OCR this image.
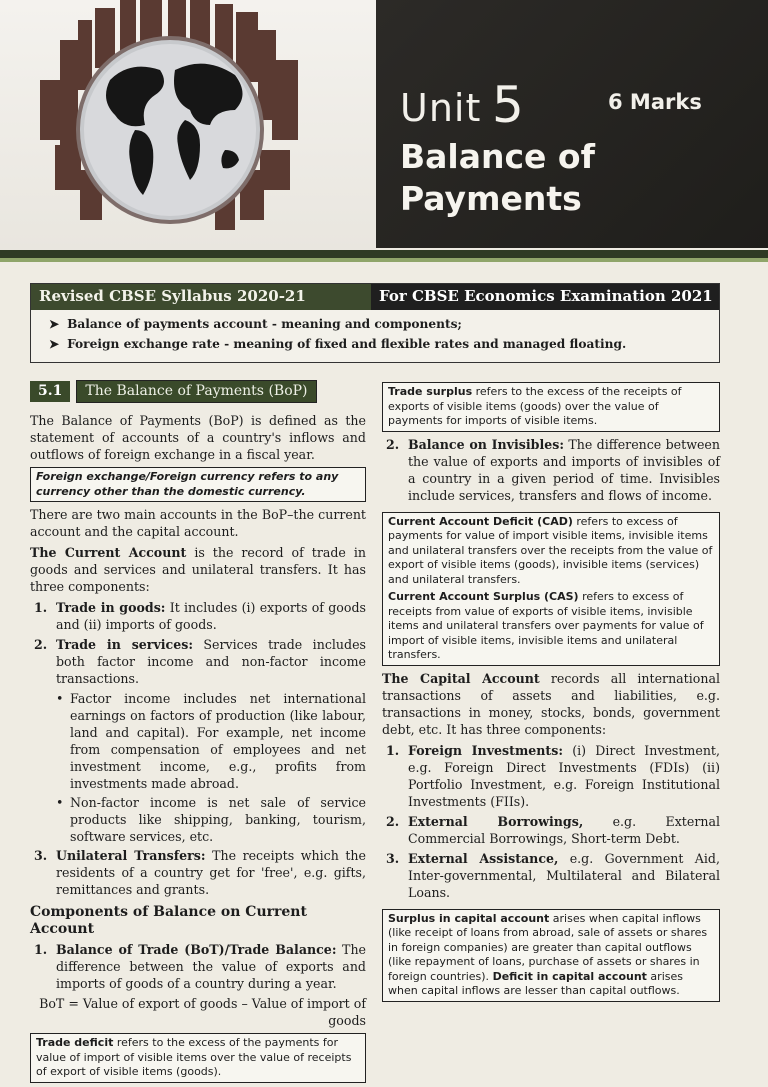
Unit 5	6 Marks
Balance of
Payments
Revised CBSE Syllabus 2020-21	For CBSE Economics Examination 2021
➤ Balance of payments account - meaning and components;
➤ Foreign exchange rate - meaning of fixed and flexible rates and managed floating.
5.1	The Balance of Payments (BoP)

The Balance of Payments (BoP) is defined as the statement of accounts of a country's inflows and outflows of foreign exchange in a fiscal year.

Foreign exchange/Foreign currency refers to any currency other than the domestic currency.

There are two main accounts in the BoP–the current account and the capital account.

The Current Account is the record of trade in goods and services and unilateral transfers. It has three components:

1. Trade in goods: It includes (i) exports of goods and (ii) imports of goods.
2. Trade in services: Services trade includes both factor income and non-factor income transactions.
• Factor income includes net international earnings on factors of production (like labour, land and capital). For example, net income from compensation of employees and net investment income, e.g., profits from investments made abroad.
• Non-factor income is net sale of service products like shipping, banking, tourism, software services, etc.
3. Unilateral Transfers: The receipts which the residents of a country get for 'free', e.g. gifts, remittances and grants.
Components of Balance on Current Account
1. Balance of Trade (BoT)/Trade Balance: The difference between the value of exports and imports of goods of a country during a year.
BoT = Value of export of goods – Value of import of goods
Trade deficit refers to the excess of the payments for value of import of visible items over the value of receipts of export of visible items (goods).
Trade surplus refers to the excess of the receipts of exports of visible items (goods) over the value of payments for imports of visible items.
2. Balance on Invisibles: The difference between the value of exports and imports of invisibles of a country in a given period of time. Invisibles include services, transfers and flows of income.
Current Account Deficit (CAD) refers to excess of payments for value of import visible items, invisible items and unilateral transfers over the receipts from the value of export of visible items (goods), invisible items (services) and unilateral transfers.
Current Account Surplus (CAS) refers to excess of receipts from value of exports of visible items, invisible items and unilateral transfers over payments for value of import of visible items, invisible items and unilateral transfers.

The Capital Account records all international transactions of assets and liabilities, e.g. transactions in money, stocks, bonds, government debt, etc. It has three components:

1. Foreign Investments: (i) Direct Investment, e.g. Foreign Direct Investments (FDIs) (ii) Portfolio Investment, e.g. Foreign Institutional Investments (FIIs).
2. External Borrowings, e.g. External Commercial Borrowings, Short-term Debt.
3. External Assistance, e.g. Government Aid, Inter-governmental, Multilateral and Bilateral Loans.
Surplus in capital account arises when capital inflows (like receipt of loans from abroad, sale of assets or shares in foreign companies) are greater than capital outflows (like repayment of loans, purchase of assets or shares in foreign countries). Deficit in capital account arises when capital inflows are lesser than capital outflows.
